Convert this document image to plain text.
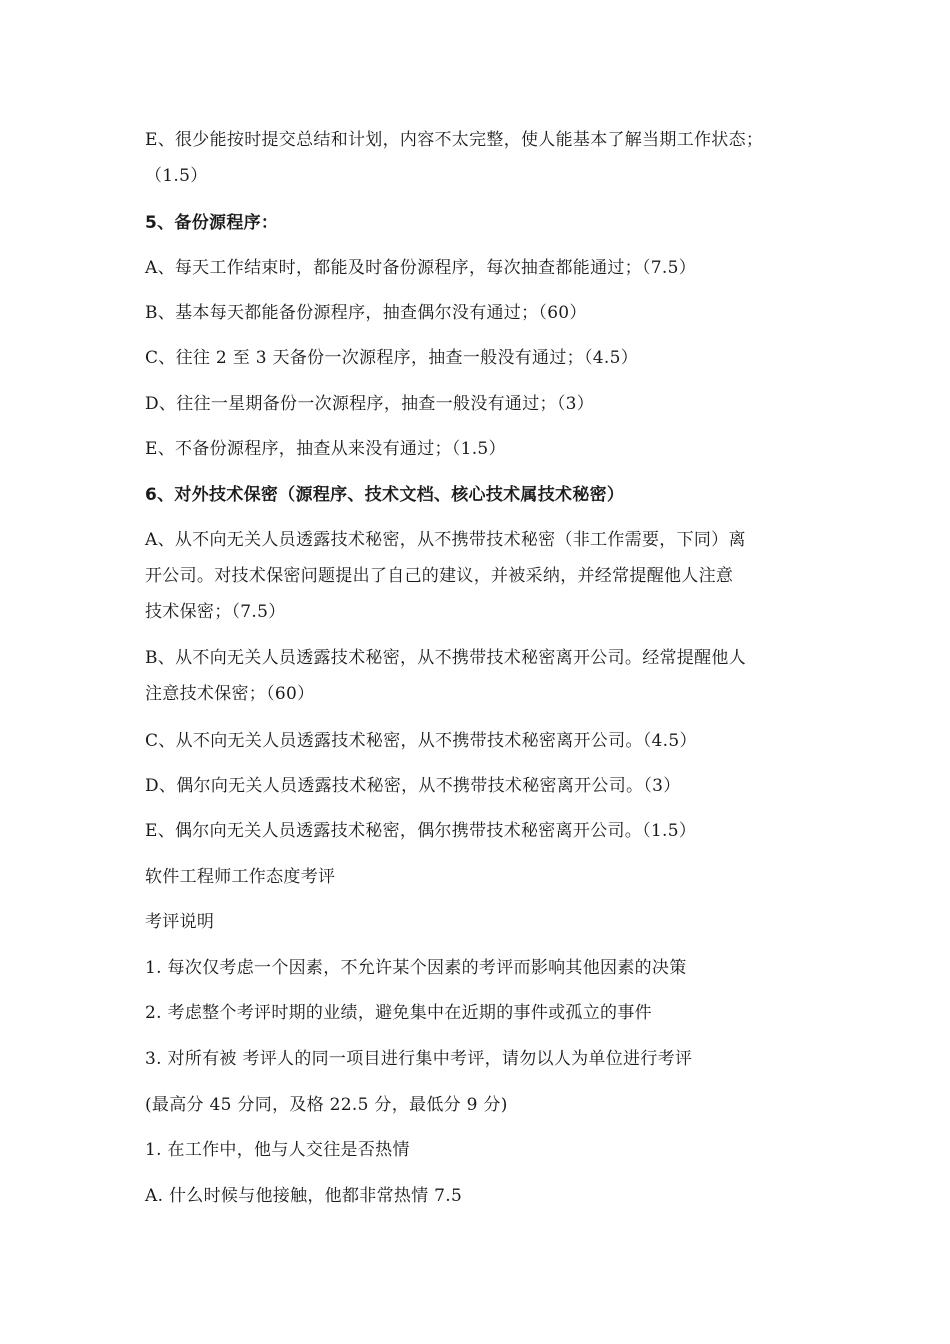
E、很少能按时提交总结和计划，内容不太完整，使人能基本了解当期工作状态；
（1.5）
5、备份源程序：
A、每天工作结束时，都能及时备份源程序，每次抽查都能通过；（7.5）
B、基本每天都能备份源程序，抽查偶尔没有通过；（60）
C、往往 2 至 3 天备份一次源程序，抽查一般没有通过；（4.5）
D、往往一星期备份一次源程序，抽查一般没有通过；（3）
E、不备份源程序，抽查从来没有通过；（1.5）
6、对外技术保密（源程序、技术文档、核心技术属技术秘密）
A、从不向无关人员透露技术秘密，从不携带技术秘密（非工作需要，下同）离
开公司。对技术保密问题提出了自己的建议，并被采纳，并经常提醒他人注意
技术保密；（7.5）
B、从不向无关人员透露技术秘密，从不携带技术秘密离开公司。经常提醒他人
注意技术保密；（60）
C、从不向无关人员透露技术秘密，从不携带技术秘密离开公司。（4.5）
D、偶尔向无关人员透露技术秘密，从不携带技术秘密离开公司。（3）
E、偶尔向无关人员透露技术秘密，偶尔携带技术秘密离开公司。（1.5）
软件工程师工作态度考评
考评说明
1. 每次仅考虑一个因素，不允许某个因素的考评而影响其他因素的决策
2. 考虑整个考评时期的业绩，避免集中在近期的事件或孤立的事件
3. 对所有被 考评人的同一项目进行集中考评，请勿以人为单位进行考评
(最高分 45 分同，及格 22.5 分，最低分 9 分)
1. 在工作中，他与人交往是否热情
A. 什么时候与他接触，他都非常热情 7.5
